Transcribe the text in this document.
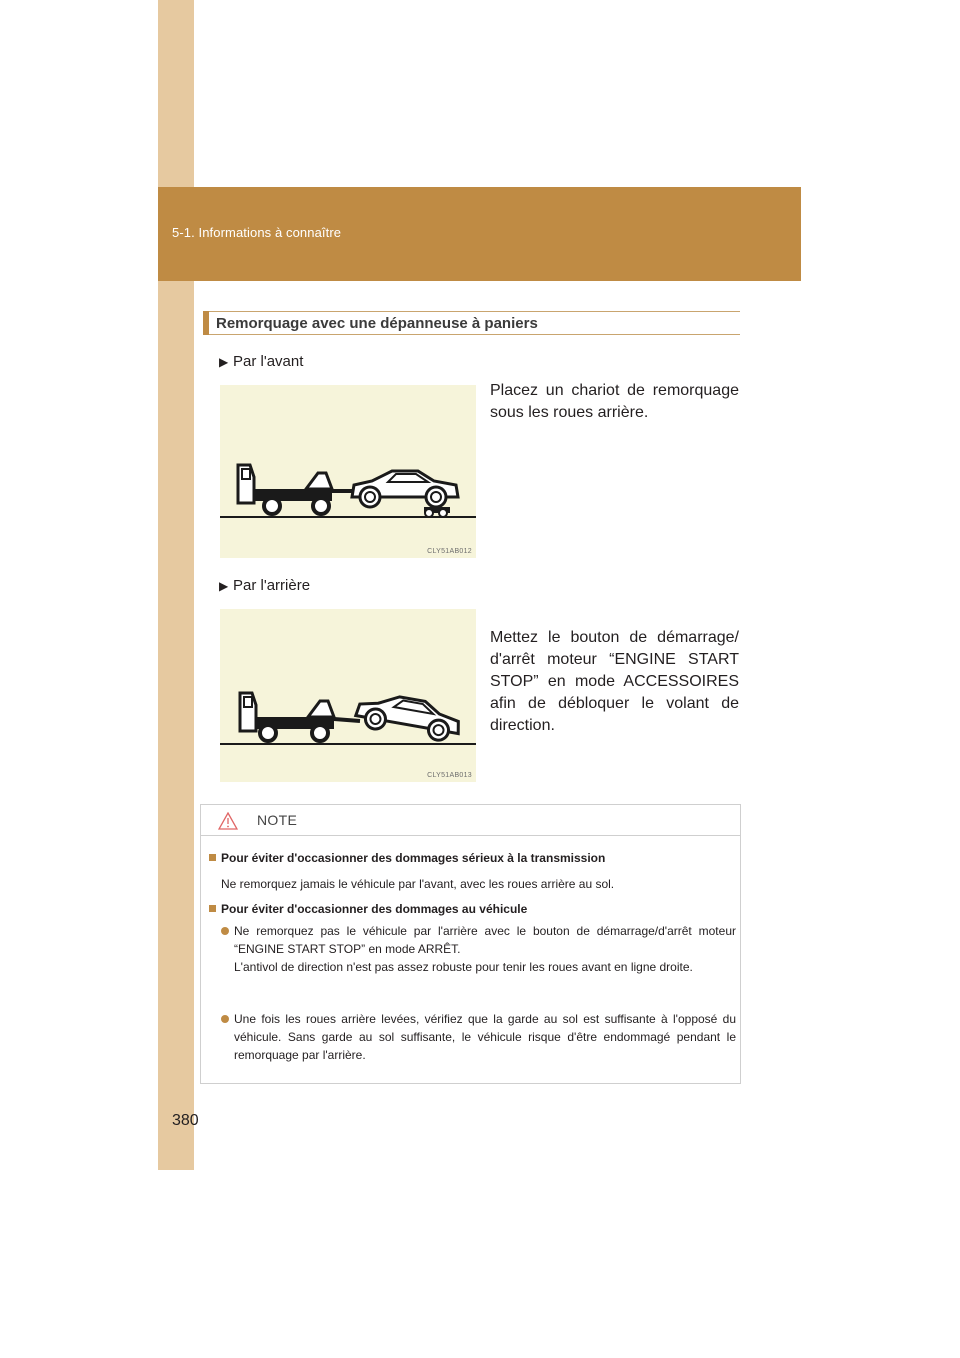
5-1. Informations à connaître
Remorquage avec une dépanneuse à paniers
▶ Par l'avant
CLY51AB012
Placez un chariot de remorquage sous les roues arrière.
▶ Par l'arrière
CLY51AB013
Mettez le bouton de démarrage/ d'arrêt moteur “ENGINE START STOP” en mode ACCESSOIRES afin de débloquer le volant de direction.
NOTE
Pour éviter d'occasionner des dommages sérieux à la transmission
Ne remorquez jamais le véhicule par l'avant, avec les roues arrière au sol.
Pour éviter d'occasionner des dommages au véhicule
Ne remorquez pas le véhicule par l'arrière avec le bouton de démarrage/d'arrêt moteur “ENGINE START STOP” en mode ARRÊT.
L'antivol de direction n'est pas assez robuste pour tenir les roues avant en ligne droite.
Une fois les roues arrière levées, vérifiez que la garde au sol est suffisante à l'opposé du véhicule. Sans garde au sol suffisante, le véhicule risque d'être endommagé pendant le remorquage par l'arrière.
380
